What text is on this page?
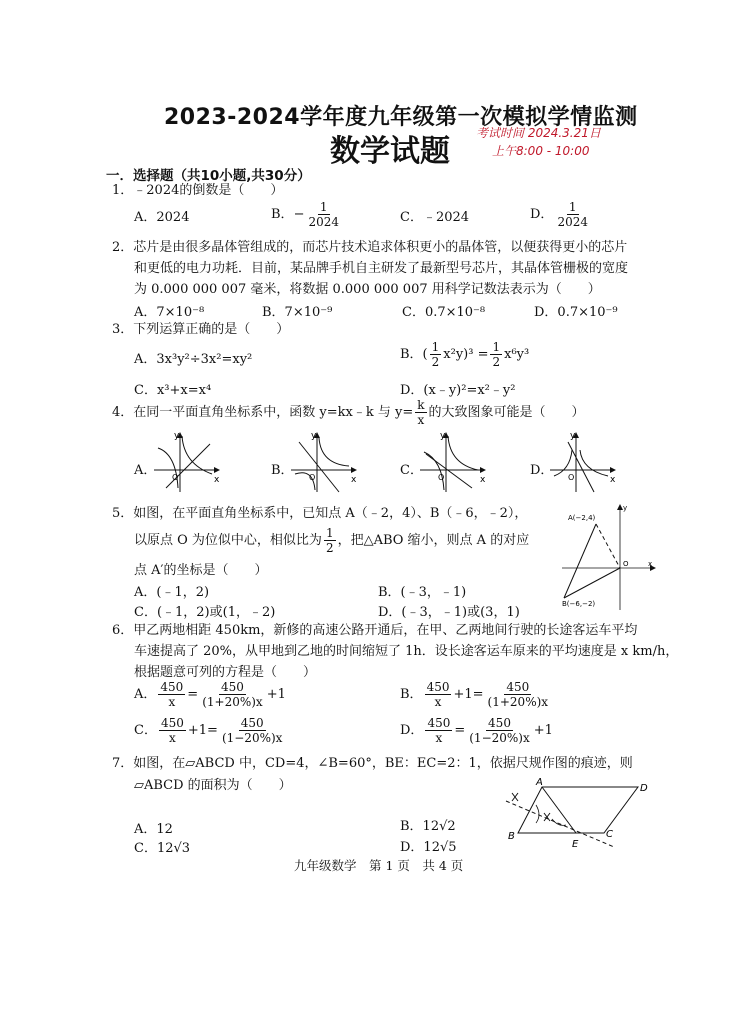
2023-2024学年度九年级第一次模拟学情监测
数学试题
考试时间 2024.3.21日
上午8:00 - 10:00
一．选择题（共10小题,共30分）
1．﹣2024的倒数是（　　）
A．2024	B．− $\frac{1}{2024}$	C．﹣2024	D． $\frac{1}{2024}$
2．芯片是由很多晶体管组成的，而芯片技术追求体积更小的晶体管，以便获得更小的芯片
和更低的电力功耗．目前，某品牌手机自主研发了最新型号芯片，其晶体管栅极的宽度
为 0.000 000 007 毫米，将数据 0.000 000 007 用科学记数法表示为（　　）
A．7×10⁻⁸	B．7×10⁻⁹	C．0.7×10⁻⁸	D．0.7×10⁻⁹
3．下列运算正确的是（　　）
A．3x³y²÷3x²=xy²	B．( $\frac{1}{2} x^2y)^3 = \frac{1}{2} x^6y^3$
C．x³+x=x⁴	D．(x﹣y)²=x²﹣y²
4．在同一平面直角坐标系中，函数 y=kx﹣k 与 $y= \frac{k}{x}$ 的大致图象可能是（　　）
A．	B．	C．	D．
y
x
O
y
x
O
y
x
O
y
x
O
5．如图，在平面直角坐标系中，已知点 A（﹣2，4）、B（﹣6，﹣2），
以原点 O 为位似中心，相似比为 $\frac{1}{2}$ ，把△ABO 缩小，则点 A 的对应
点 A′的坐标是（　　）
A．(﹣1，2)	B．(﹣3，﹣1)
C．(﹣1，2)或(1，﹣2)	D．(﹣3，﹣1)或(3，1)
A(−2,4)
B(−6,−2)
O	x
y
6．甲乙两地相距 450km，新修的高速公路开通后，在甲、乙两地间行驶的长途客运车平均
车速提高了 20%，从甲地到乙地的时间缩短了 1h．设长途客运车原来的平均速度是 x km/h，
根据题意可列的方程是（　　）
A． $\frac{450}{x} = \frac{450}{(1+20\%)x} +1$	B． $\frac{450}{x} +1= \frac{450}{(1+20\%)x}$
C． $\frac{450}{x} +1= \frac{450}{(1-20\%)x}$	D． $\frac{450}{x} = \frac{450}{(1-20\%)x} +1$
7．如图，在▱ABCD 中，CD=4，∠B=60°，BE：EC=2：1，依据尺规作图的痕迹，则
▱ABCD 的面积为（　　）
A．12	B．12√2
C．12√3	D．12√5
A
D
B	C
E
九年级数学　第 1 页　共 4 页
